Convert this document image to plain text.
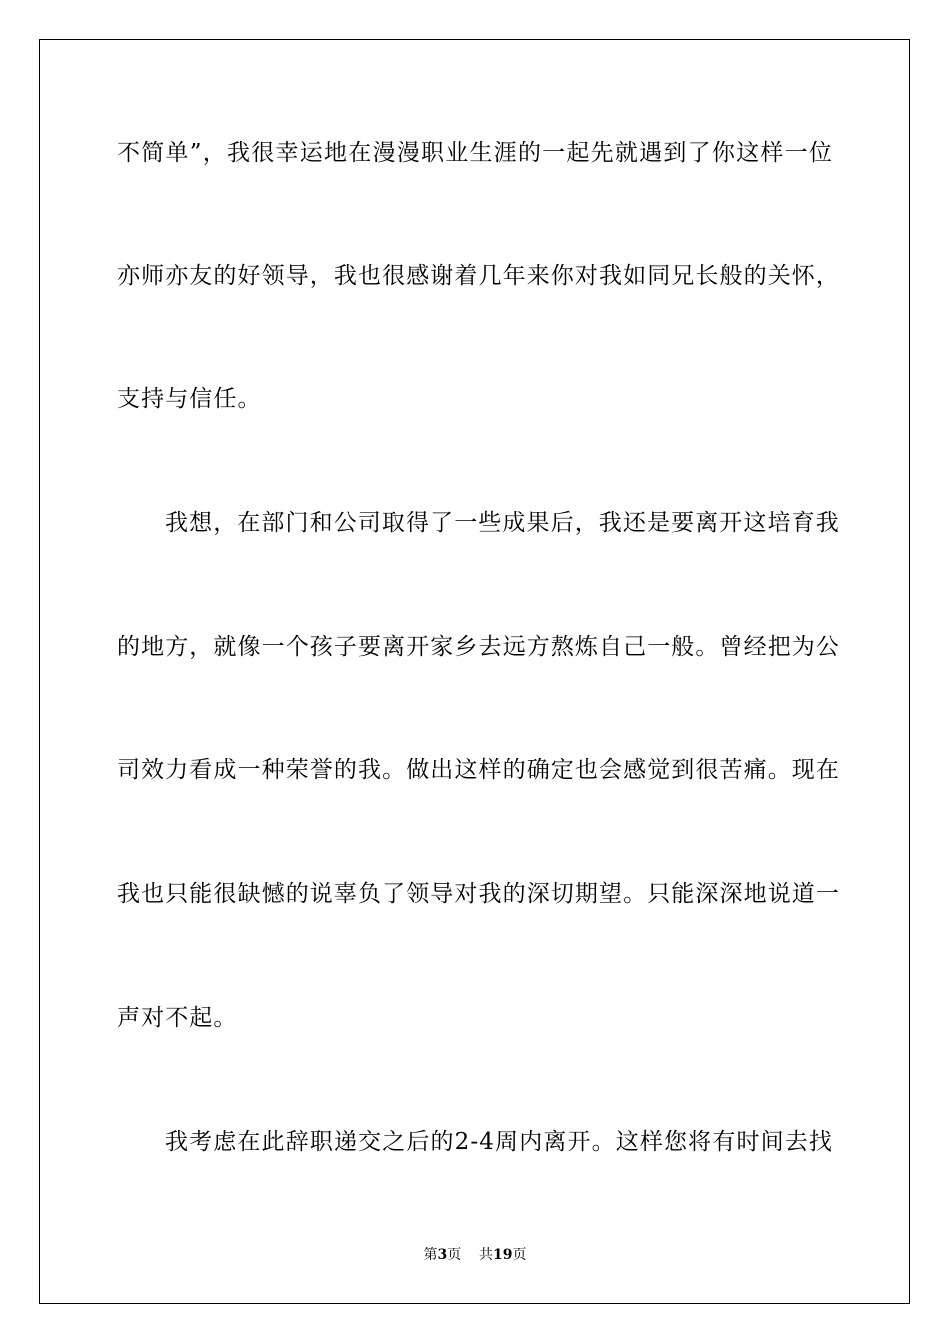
不简单”，我很幸运地在漫漫职业生涯的一起先就遇到了你这样一位
亦师亦友的好领导，我也很感谢着几年来你对我如同兄长般的关怀，
支持与信任。
我想，在部门和公司取得了一些成果后，我还是要离开这培育我
的地方，就像一个孩子要离开家乡去远方熬炼自己一般。曾经把为公
司效力看成一种荣誉的我。做出这样的确定也会感觉到很苦痛。现在
我也只能很缺憾的说辜负了领导对我的深切期望。只能深深地说道一
声对不起。
我考虑在此辞职递交之后的2-4周内离开。这样您将有时间去找
第3页 共19页
